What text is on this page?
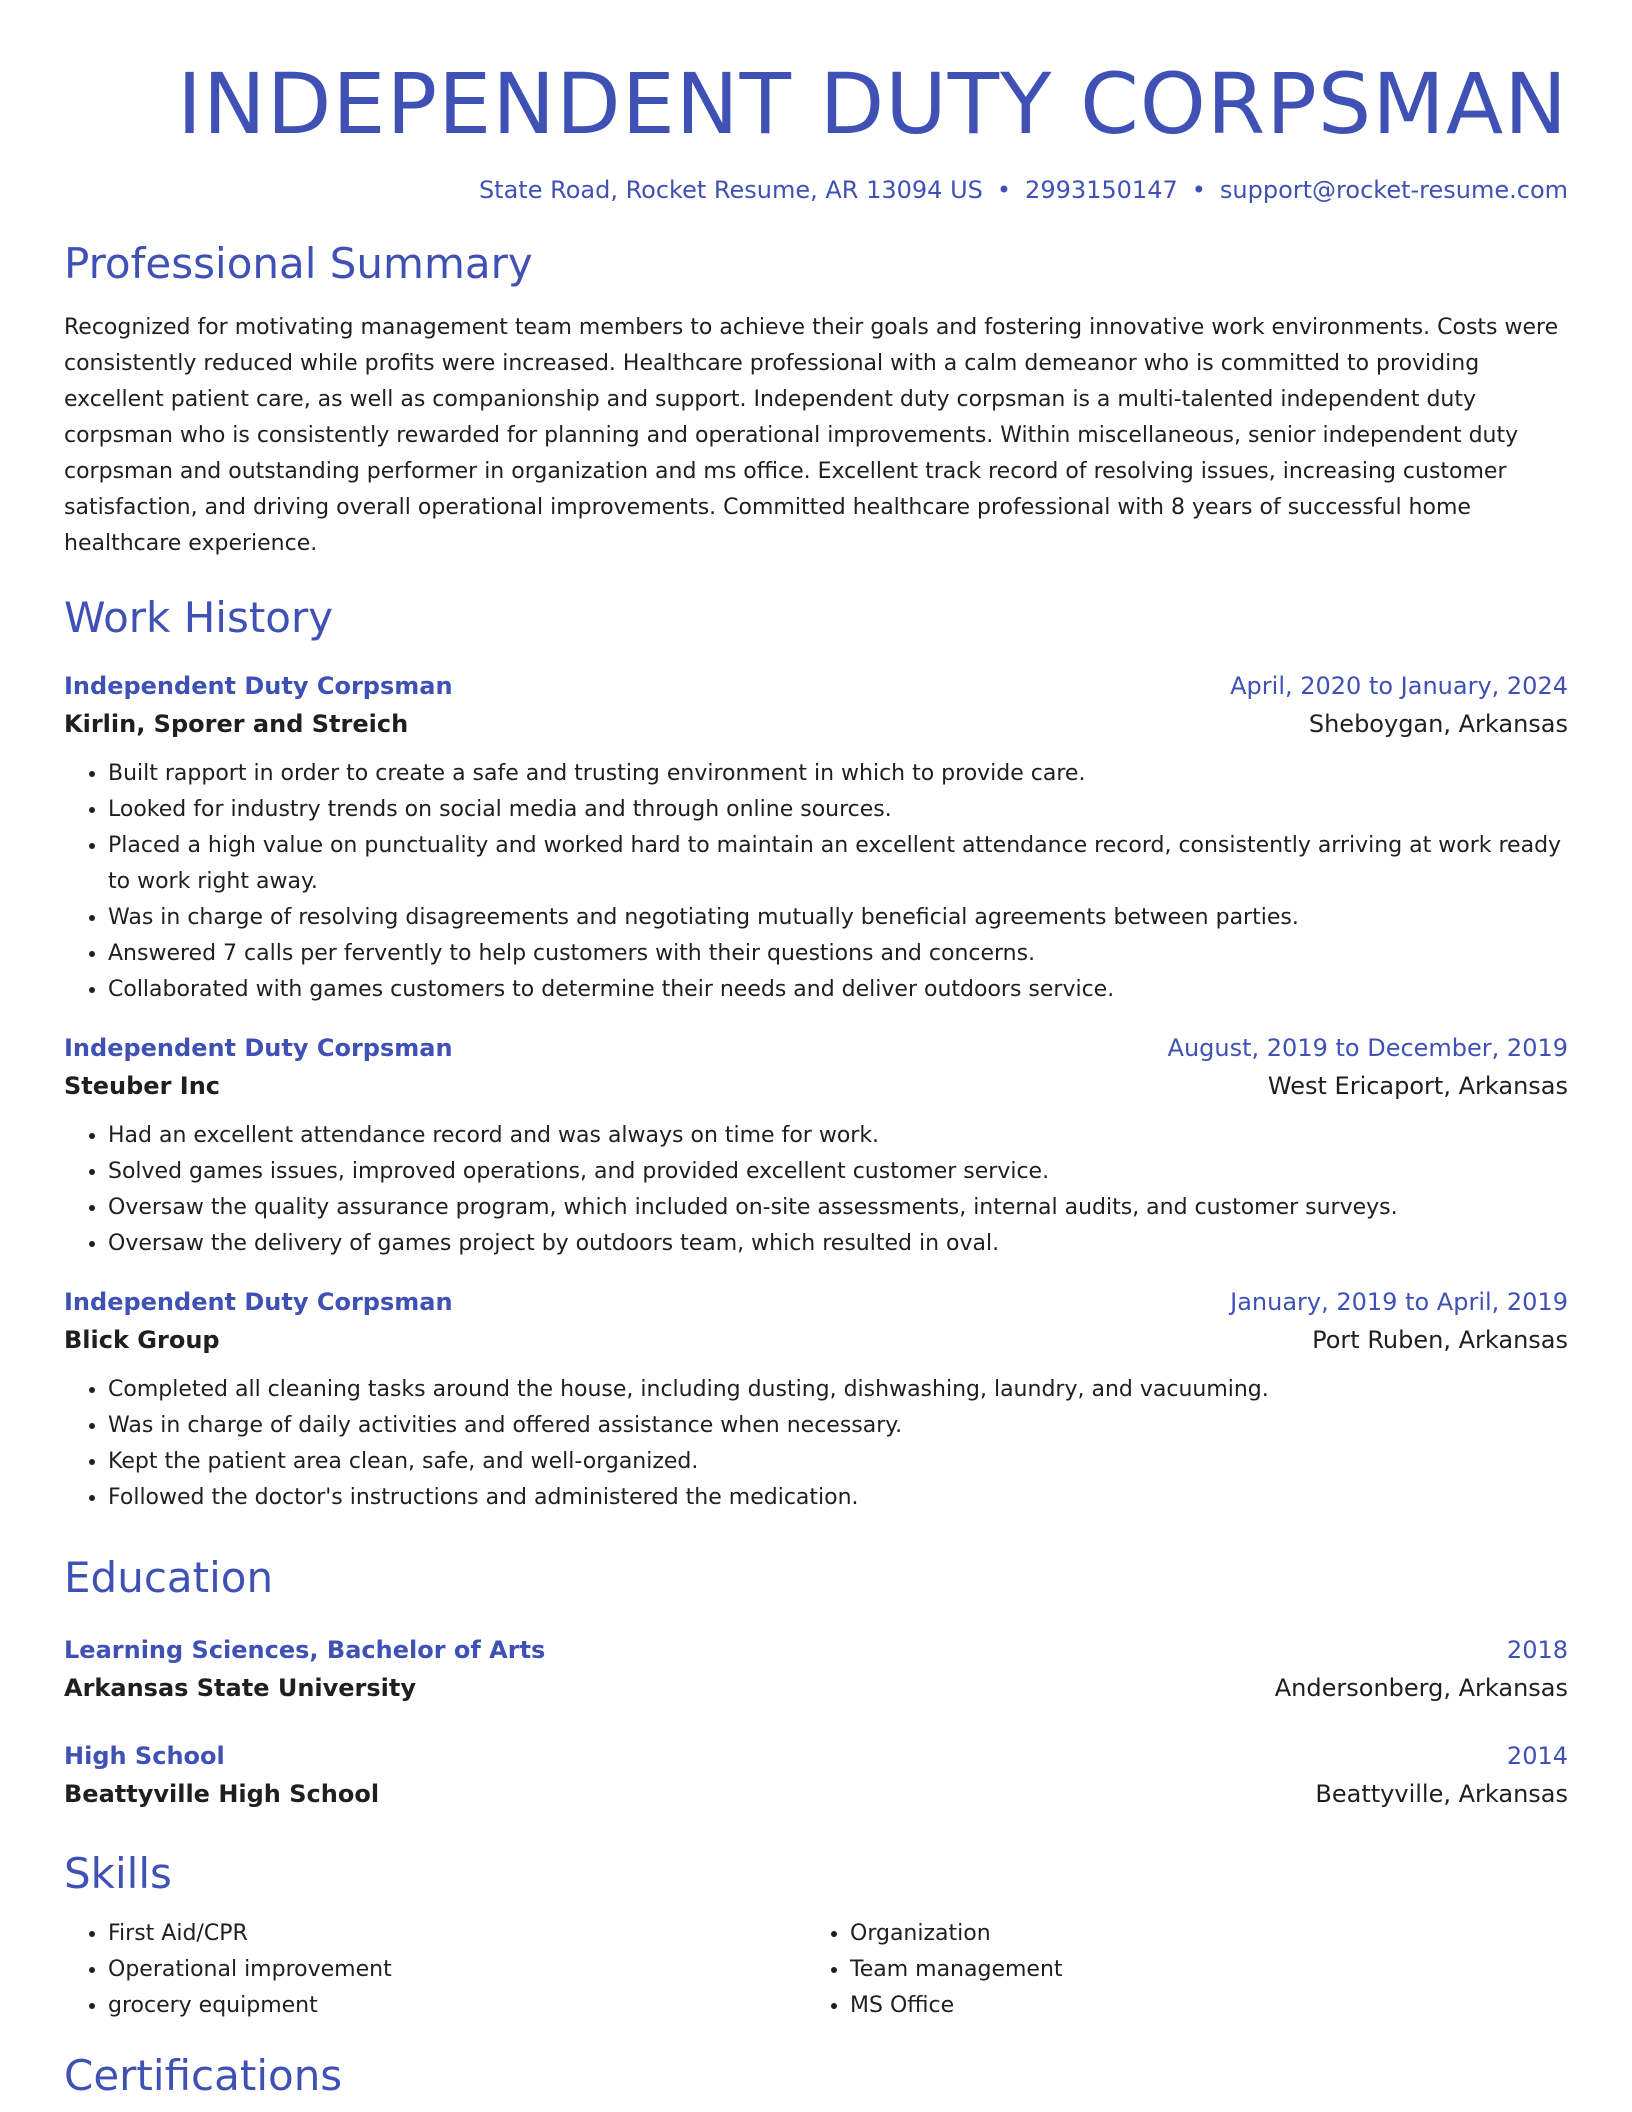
INDEPENDENT DUTY CORPSMAN
State Road, Rocket Resume, AR 13094 US • 2993150147 • support@rocket-resume.com
Professional Summary

Recognized for motivating management team members to achieve their goals and fostering innovative work environments. Costs were consistently reduced while profits were increased. Healthcare professional with a calm demeanor who is committed to providing excellent patient care, as well as companionship and support. Independent duty corpsman is a multi-talented independent duty corpsman who is consistently rewarded for planning and operational improvements. Within miscellaneous, senior independent duty corpsman and outstanding performer in organization and ms office. Excellent track record of resolving issues, increasing customer satisfaction, and driving overall operational improvements. Committed healthcare professional with 8 years of successful home healthcare experience.

Work History
Independent Duty Corpsman	April, 2020 to January, 2024
Kirlin, Sporer and Streich	Sheboygan, Arkansas
• Built rapport in order to create a safe and trusting environment in which to provide care.
• Looked for industry trends on social media and through online sources.
• Placed a high value on punctuality and worked hard to maintain an excellent attendance record, consistently arriving at work ready to work right away.
• Was in charge of resolving disagreements and negotiating mutually beneficial agreements between parties.
• Answered 7 calls per fervently to help customers with their questions and concerns.
• Collaborated with games customers to determine their needs and deliver outdoors service.
Independent Duty Corpsman	August, 2019 to December, 2019
Steuber Inc	West Ericaport, Arkansas
• Had an excellent attendance record and was always on time for work.
• Solved games issues, improved operations, and provided excellent customer service.
• Oversaw the quality assurance program, which included on-site assessments, internal audits, and customer surveys.
• Oversaw the delivery of games project by outdoors team, which resulted in oval.
Independent Duty Corpsman	January, 2019 to April, 2019
Blick Group	Port Ruben, Arkansas
• Completed all cleaning tasks around the house, including dusting, dishwashing, laundry, and vacuuming.
• Was in charge of daily activities and offered assistance when necessary.
• Kept the patient area clean, safe, and well-organized.
• Followed the doctor's instructions and administered the medication.
Education
Learning Sciences, Bachelor of Arts	2018
Arkansas State University	Andersonberg, Arkansas
High School	2014
Beattyville High School	Beattyville, Arkansas
Skills
• First Aid/CPR
• Operational improvement
• grocery equipment
• Organization
• Team management
• MS Office
Certifications
